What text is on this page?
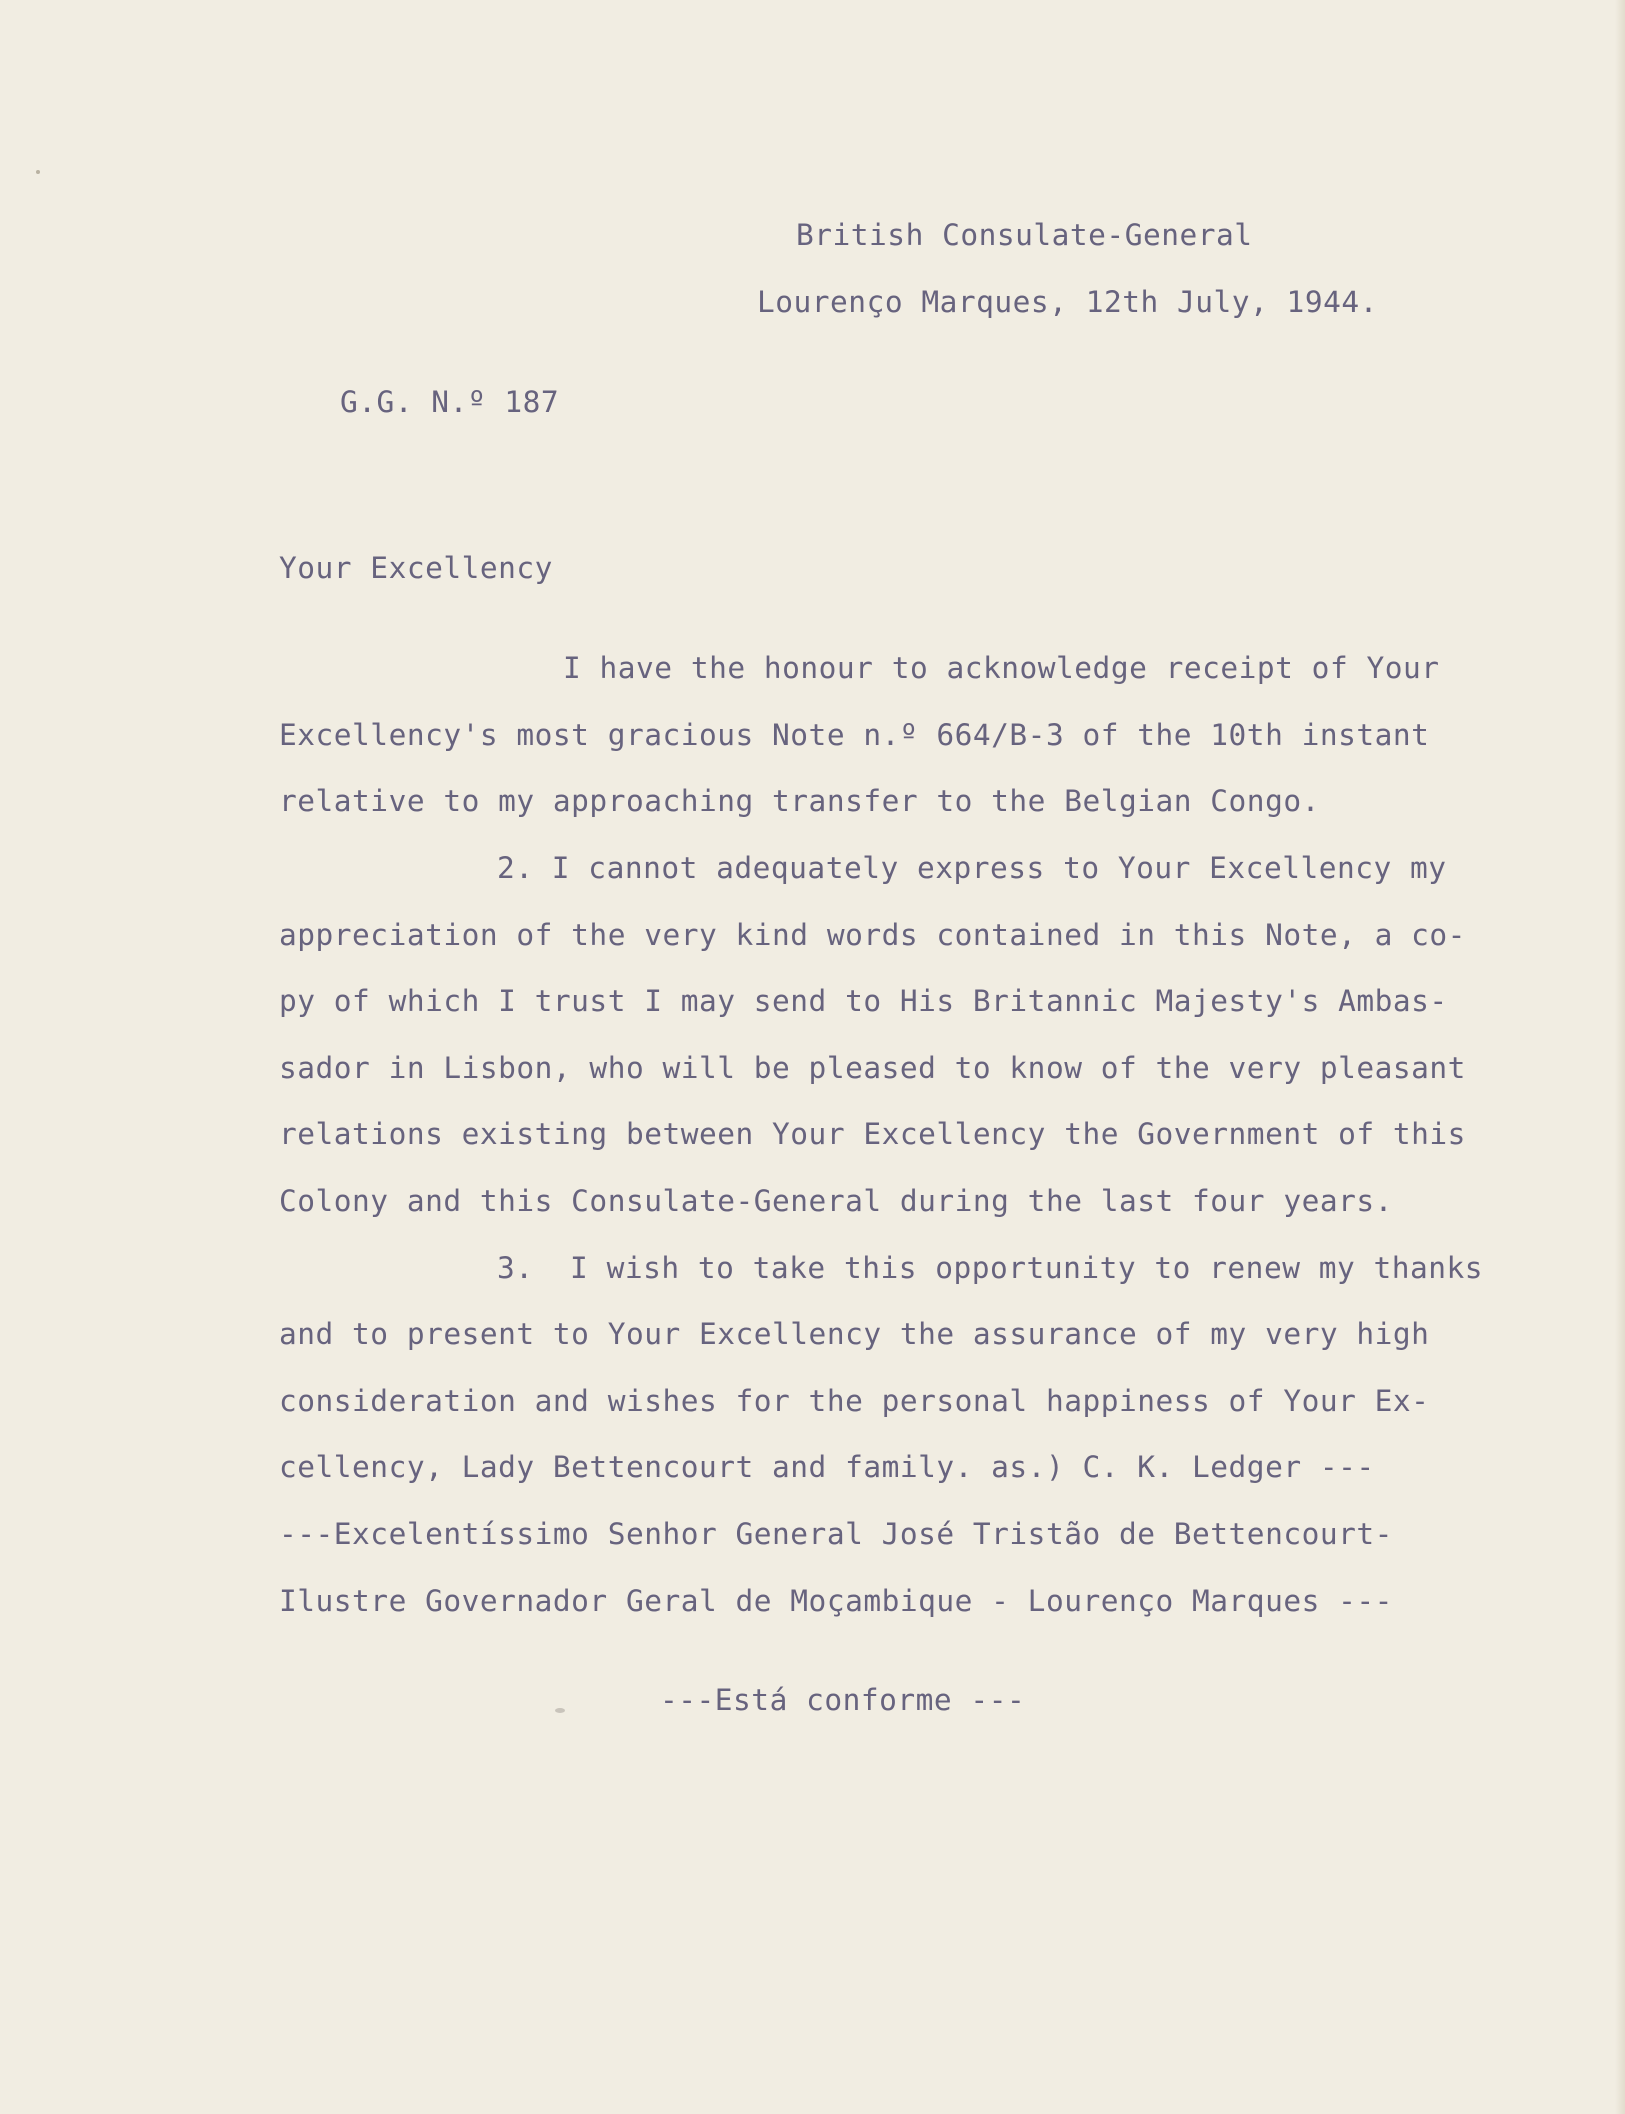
British Consulate-General
Lourenço Marques, 12th July, 1944.
G.G. N.º 187
Your Excellency
I have the honour to acknowledge receipt of Your
Excellency's most gracious Note n.º 664/B-3 of the 10th instant
relative to my approaching transfer to the Belgian Congo.
2. I cannot adequately express to Your Excellency my
appreciation of the very kind words contained in this Note, a co-
py of which I trust I may send to His Britannic Majesty's Ambas-
sador in Lisbon, who will be pleased to know of the very pleasant
relations existing between Your Excellency the Government of this
Colony and this Consulate-General during the last four years.
3.  I wish to take this opportunity to renew my thanks
and to present to Your Excellency the assurance of my very high
consideration and wishes for the personal happiness of Your Ex-
cellency, Lady Bettencourt and family. as.) C. K. Ledger ---
---Excelentíssimo Senhor General José Tristão de Bettencourt-
Ilustre Governador Geral de Moçambique - Lourenço Marques ---
---Está conforme ---
